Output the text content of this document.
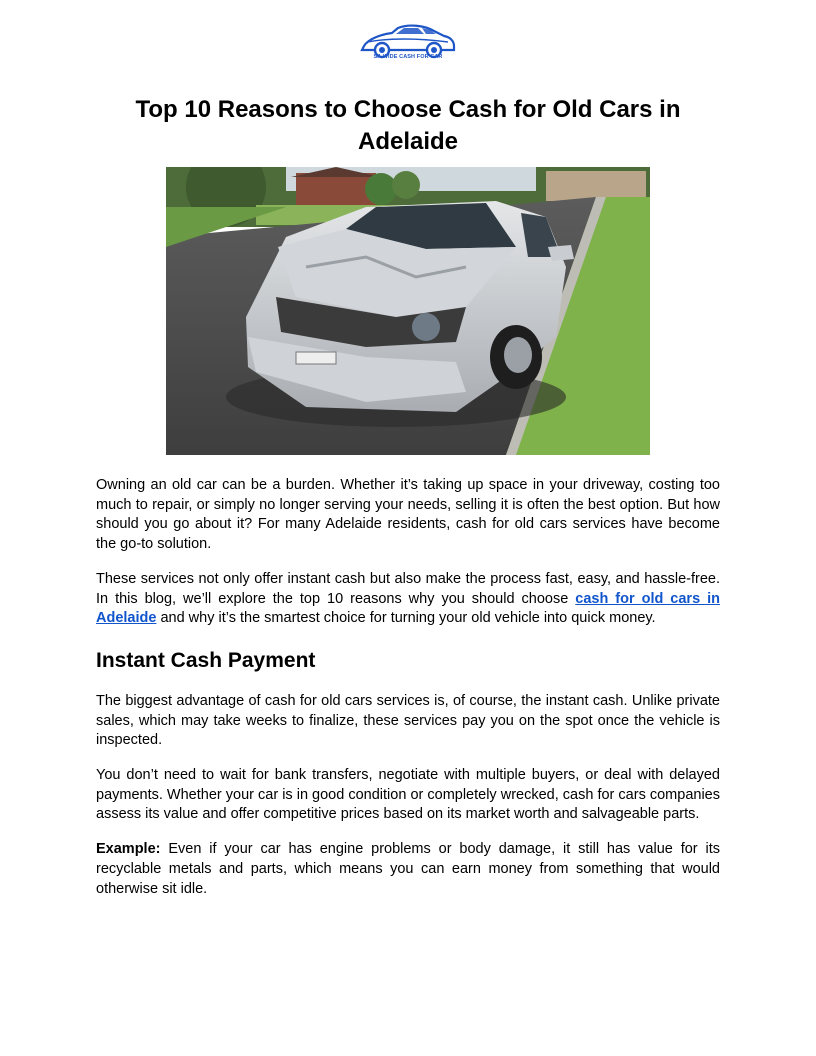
SA WIDE CASH FOR CAR
Top 10 Reasons to Choose Cash for Old Cars in Adelaide

Owning an old car can be a burden. Whether it’s taking up space in your driveway, costing too much to repair, or simply no longer serving your needs, selling it is often the best option. But how should you go about it? For many Adelaide residents, cash for old cars services have become the go-to solution.

These services not only offer instant cash but also make the process fast, easy, and hassle-free. In this blog, we’ll explore the top 10 reasons why you should choose cash for old cars in Adelaide and why it’s the smartest choice for turning your old vehicle into quick money.

Instant Cash Payment

The biggest advantage of cash for old cars services is, of course, the instant cash. Unlike private sales, which may take weeks to finalize, these services pay you on the spot once the vehicle is inspected.

You don’t need to wait for bank transfers, negotiate with multiple buyers, or deal with delayed payments. Whether your car is in good condition or completely wrecked, cash for cars companies assess its value and offer competitive prices based on its market worth and salvageable parts.

Example: Even if your car has engine problems or body damage, it still has value for its recyclable metals and parts, which means you can earn money from something that would otherwise sit idle.
